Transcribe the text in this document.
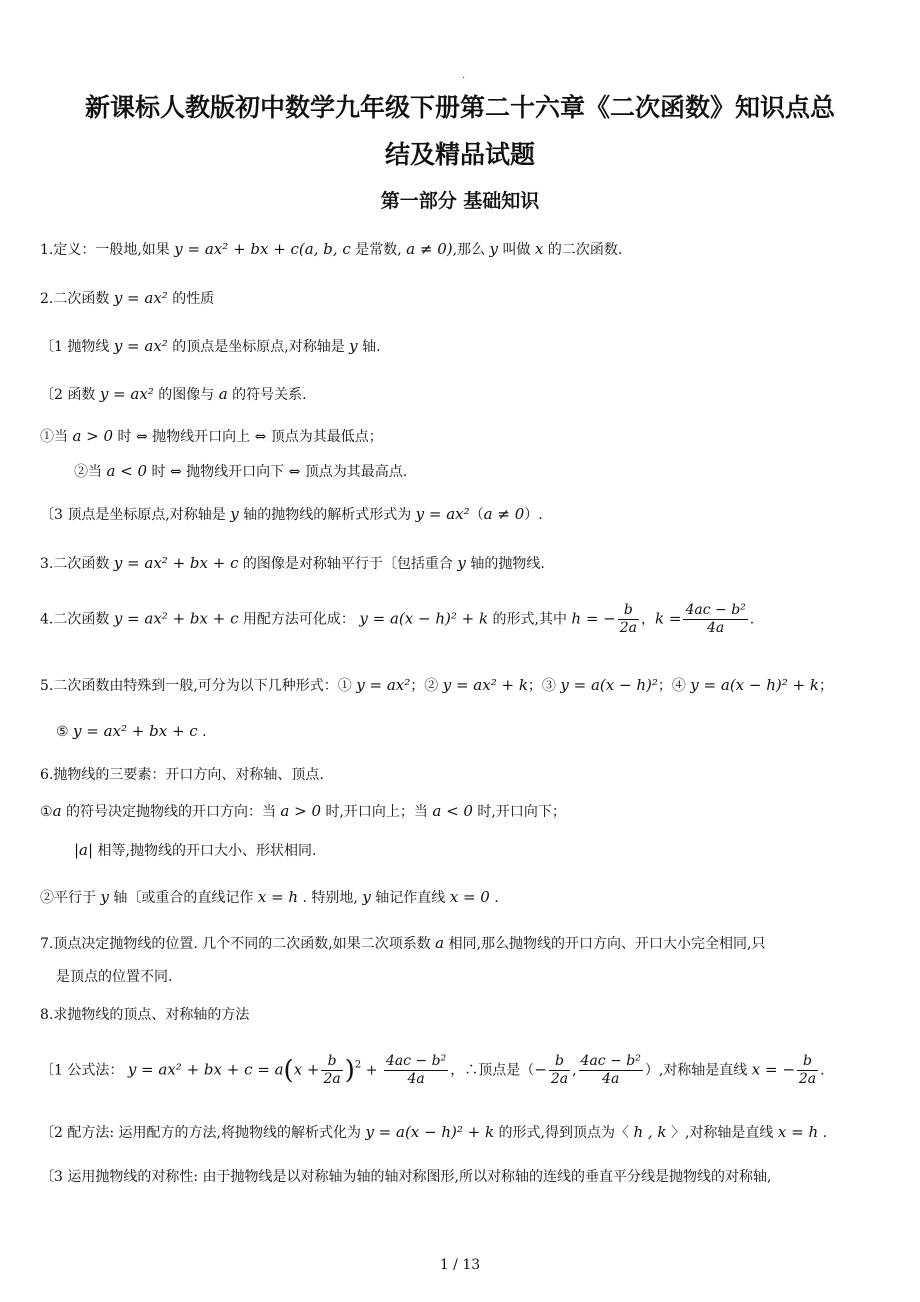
.
新课标人教版初中数学九年级下册第二十六章《二次函数》知识点总
结及精品试题
第一部分 基础知识
1.定义：一般地,如果 y = ax² + bx + c(a, b, c 是常数, a ≠ 0),那么 y 叫做 x 的二次函数.
2.二次函数 y = ax² 的性质
〔1 抛物线 y = ax² 的顶点是坐标原点,对称轴是 y 轴.
〔2 函数 y = ax² 的图像与 a 的符号关系.
①当 a > 0 时 ⇔ 抛物线开口向上 ⇔ 顶点为其最低点；
②当 a < 0 时 ⇔ 抛物线开口向下 ⇔ 顶点为其最高点.
〔3 顶点是坐标原点,对称轴是 y 轴的抛物线的解析式形式为 y = ax²（a ≠ 0）.
3.二次函数 y = ax² + bx + c 的图像是对称轴平行于〔包括重合 y 轴的抛物线.
4.二次函数 y = ax² + bx + c 用配方法可化成： y = a(x − h)² + k 的形式,其中 h = − $\frac{b}{2a}$ ，$k = \frac{\text{4ac − b²}}{4a}$ .
5.二次函数由特殊到一般,可分为以下几种形式：① y = ax²；② y = ax² + k；③ y = a(x − h)²；④ y = a(x − h)² + k；
⑤ y = ax² + bx + c .
6.抛物线的三要素：开口方向、对称轴、顶点.
①a 的符号决定抛物线的开口方向：当 a > 0 时,开口向上；当 a < 0 时,开口向下；
|a| 相等,抛物线的开口大小、形状相同.
②平行于 y 轴〔或重合的直线记作 x = h . 特别地, y 轴记作直线 x = 0 .
7.顶点决定抛物线的位置. 几个不同的二次函数,如果二次项系数 a 相同,那么抛物线的开口方向、开口大小完全相同,只
是顶点的位置不同.
8.求抛物线的顶点、对称轴的方法
〔1 公式法： y = ax² + bx + $c = a(x + \frac{b}{2a} )^2 + \frac{\text{4ac − b²}}{4a}$ ，∴顶点是（− $\frac{b}{2a}$ , $\frac{\text{4ac − b²}}{4a}$ ）,对称轴是直线 x = − $\frac{b}{2a}$ .
〔2 配方法: 运用配方的方法,将抛物线的解析式化为 y = a(x − h)² + k 的形式,得到顶点为〈 h , k 〉,对称轴是直线 x = h .
〔3 运用抛物线的对称性: 由于抛物线是以对称轴为轴的轴对称图形,所以对称轴的连线的垂直平分线是抛物线的对称轴,
1 / 13
